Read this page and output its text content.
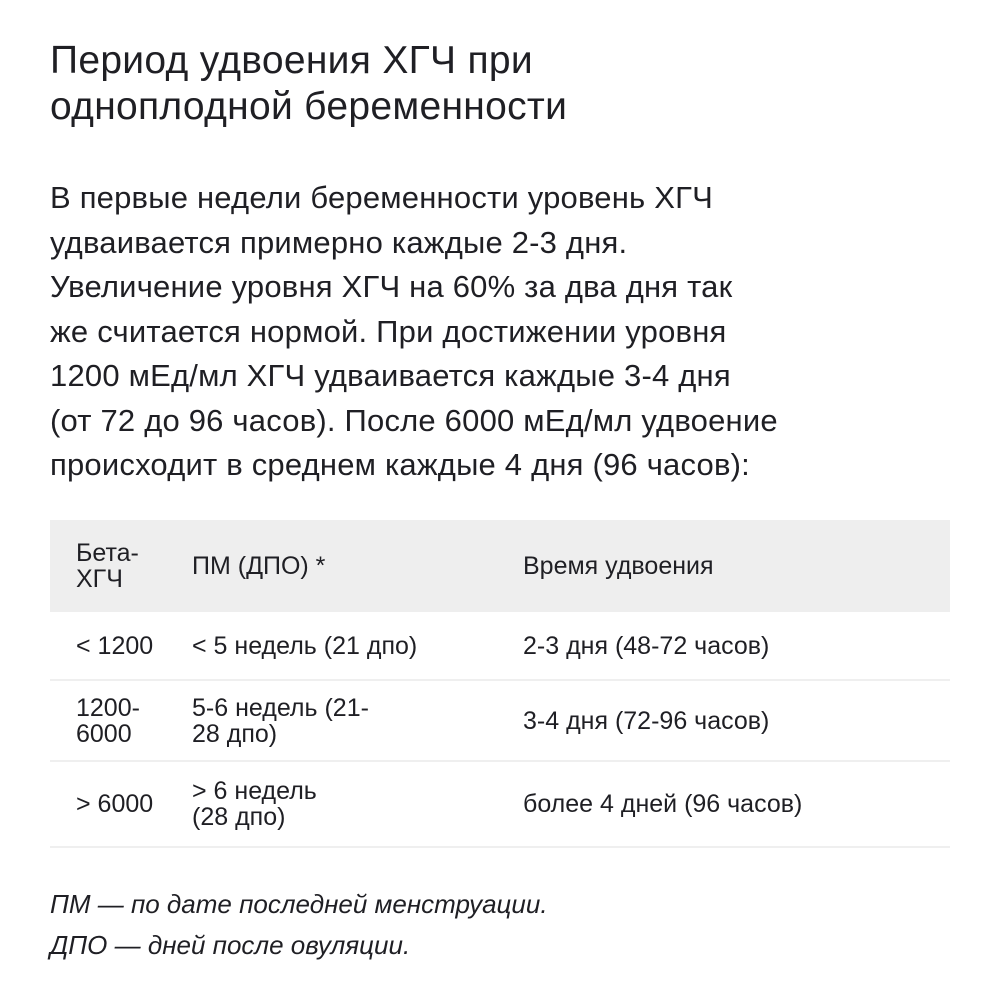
Период удвоения ХГЧ при
одноплодной беременности
В первые недели беременности уровень ХГЧ
удваивается примерно каждые 2-3 дня.
Увеличение уровня ХГЧ на 60% за два дня так
же считается нормой. При достижении уровня
1200 мЕд/мл ХГЧ удваивается каждые 3-4 дня
(от 72 до 96 часов). После 6000 мЕд/мл удвоение
происходит в среднем каждые 4 дня (96 часов):
Бета-ХГЧ	ПМ (ДПО) *	Время удвоения
< 1200	< 5 недель (21 дпо)	2-3 дня (48-72 часов)
1200-6000	5-6 недель (21-28 дпо)	3-4 дня (72-96 часов)
> 6000	> 6 недель (28 дпо)	более 4 дней (96 часов)
ПМ — по дате последней менструации.
ДПО — дней после овуляции.
